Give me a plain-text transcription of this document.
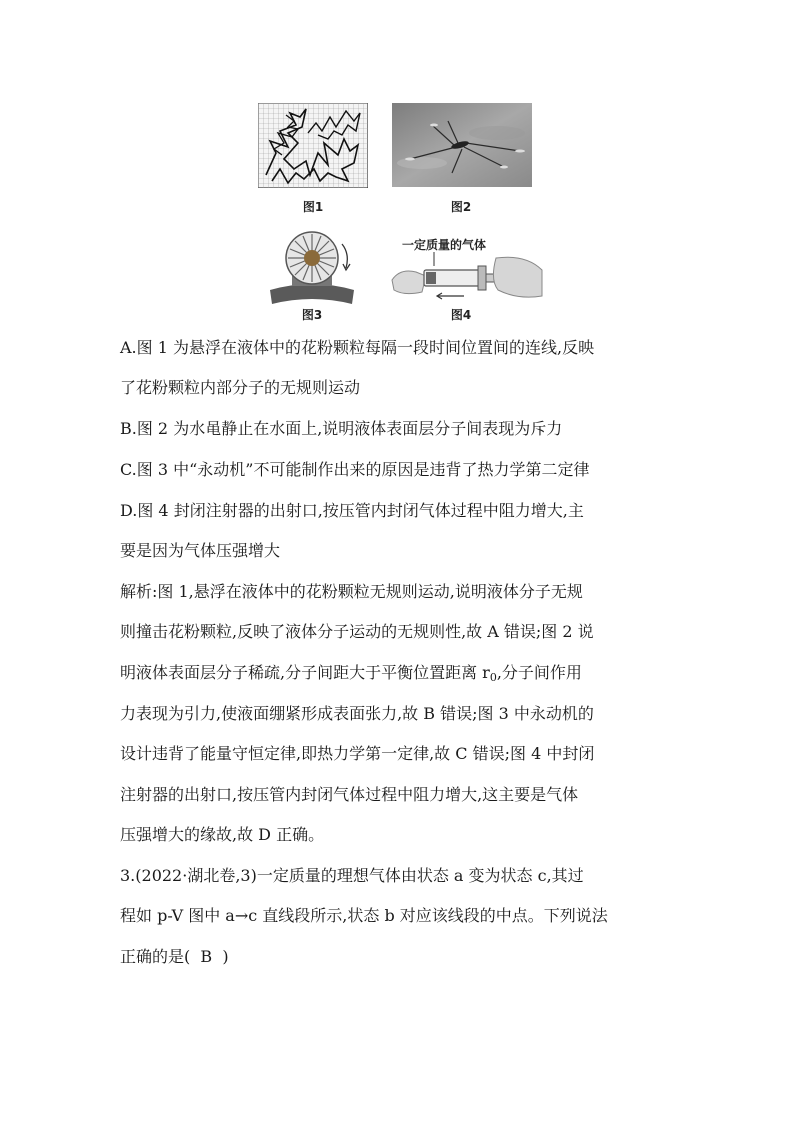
图1	图2
图3
一定质量的气体
图4
A.图 1 为悬浮在液体中的花粉颗粒每隔一段时间位置间的连线,反映
了花粉颗粒内部分子的无规则运动
B.图 2 为水黾静止在水面上,说明液体表面层分子间表现为斥力
C.图 3 中“永动机”不可能制作出来的原因是违背了热力学第二定律
D.图 4 封闭注射器的出射口,按压管内封闭气体过程中阻力增大,主
要是因为气体压强增大
解析:图 1,悬浮在液体中的花粉颗粒无规则运动,说明液体分子无规
则撞击花粉颗粒,反映了液体分子运动的无规则性,故 A 错误;图 2 说
明液体表面层分子稀疏,分子间距大于平衡位置距离 $r_0$,分子间作用
力表现为引力,使液面绷紧形成表面张力,故 B 错误;图 3 中永动机的
设计违背了能量守恒定律,即热力学第一定律,故 C 错误;图 4 中封闭
注射器的出射口,按压管内封闭气体过程中阻力增大,这主要是气体
压强增大的缘故,故 D 正确。
3.(2022·湖北卷,3)一定质量的理想气体由状态 a 变为状态 c,其过
程如 p-V 图中 a→c 直线段所示,状态 b 对应该线段的中点。下列说法
正确的是(  B  )
